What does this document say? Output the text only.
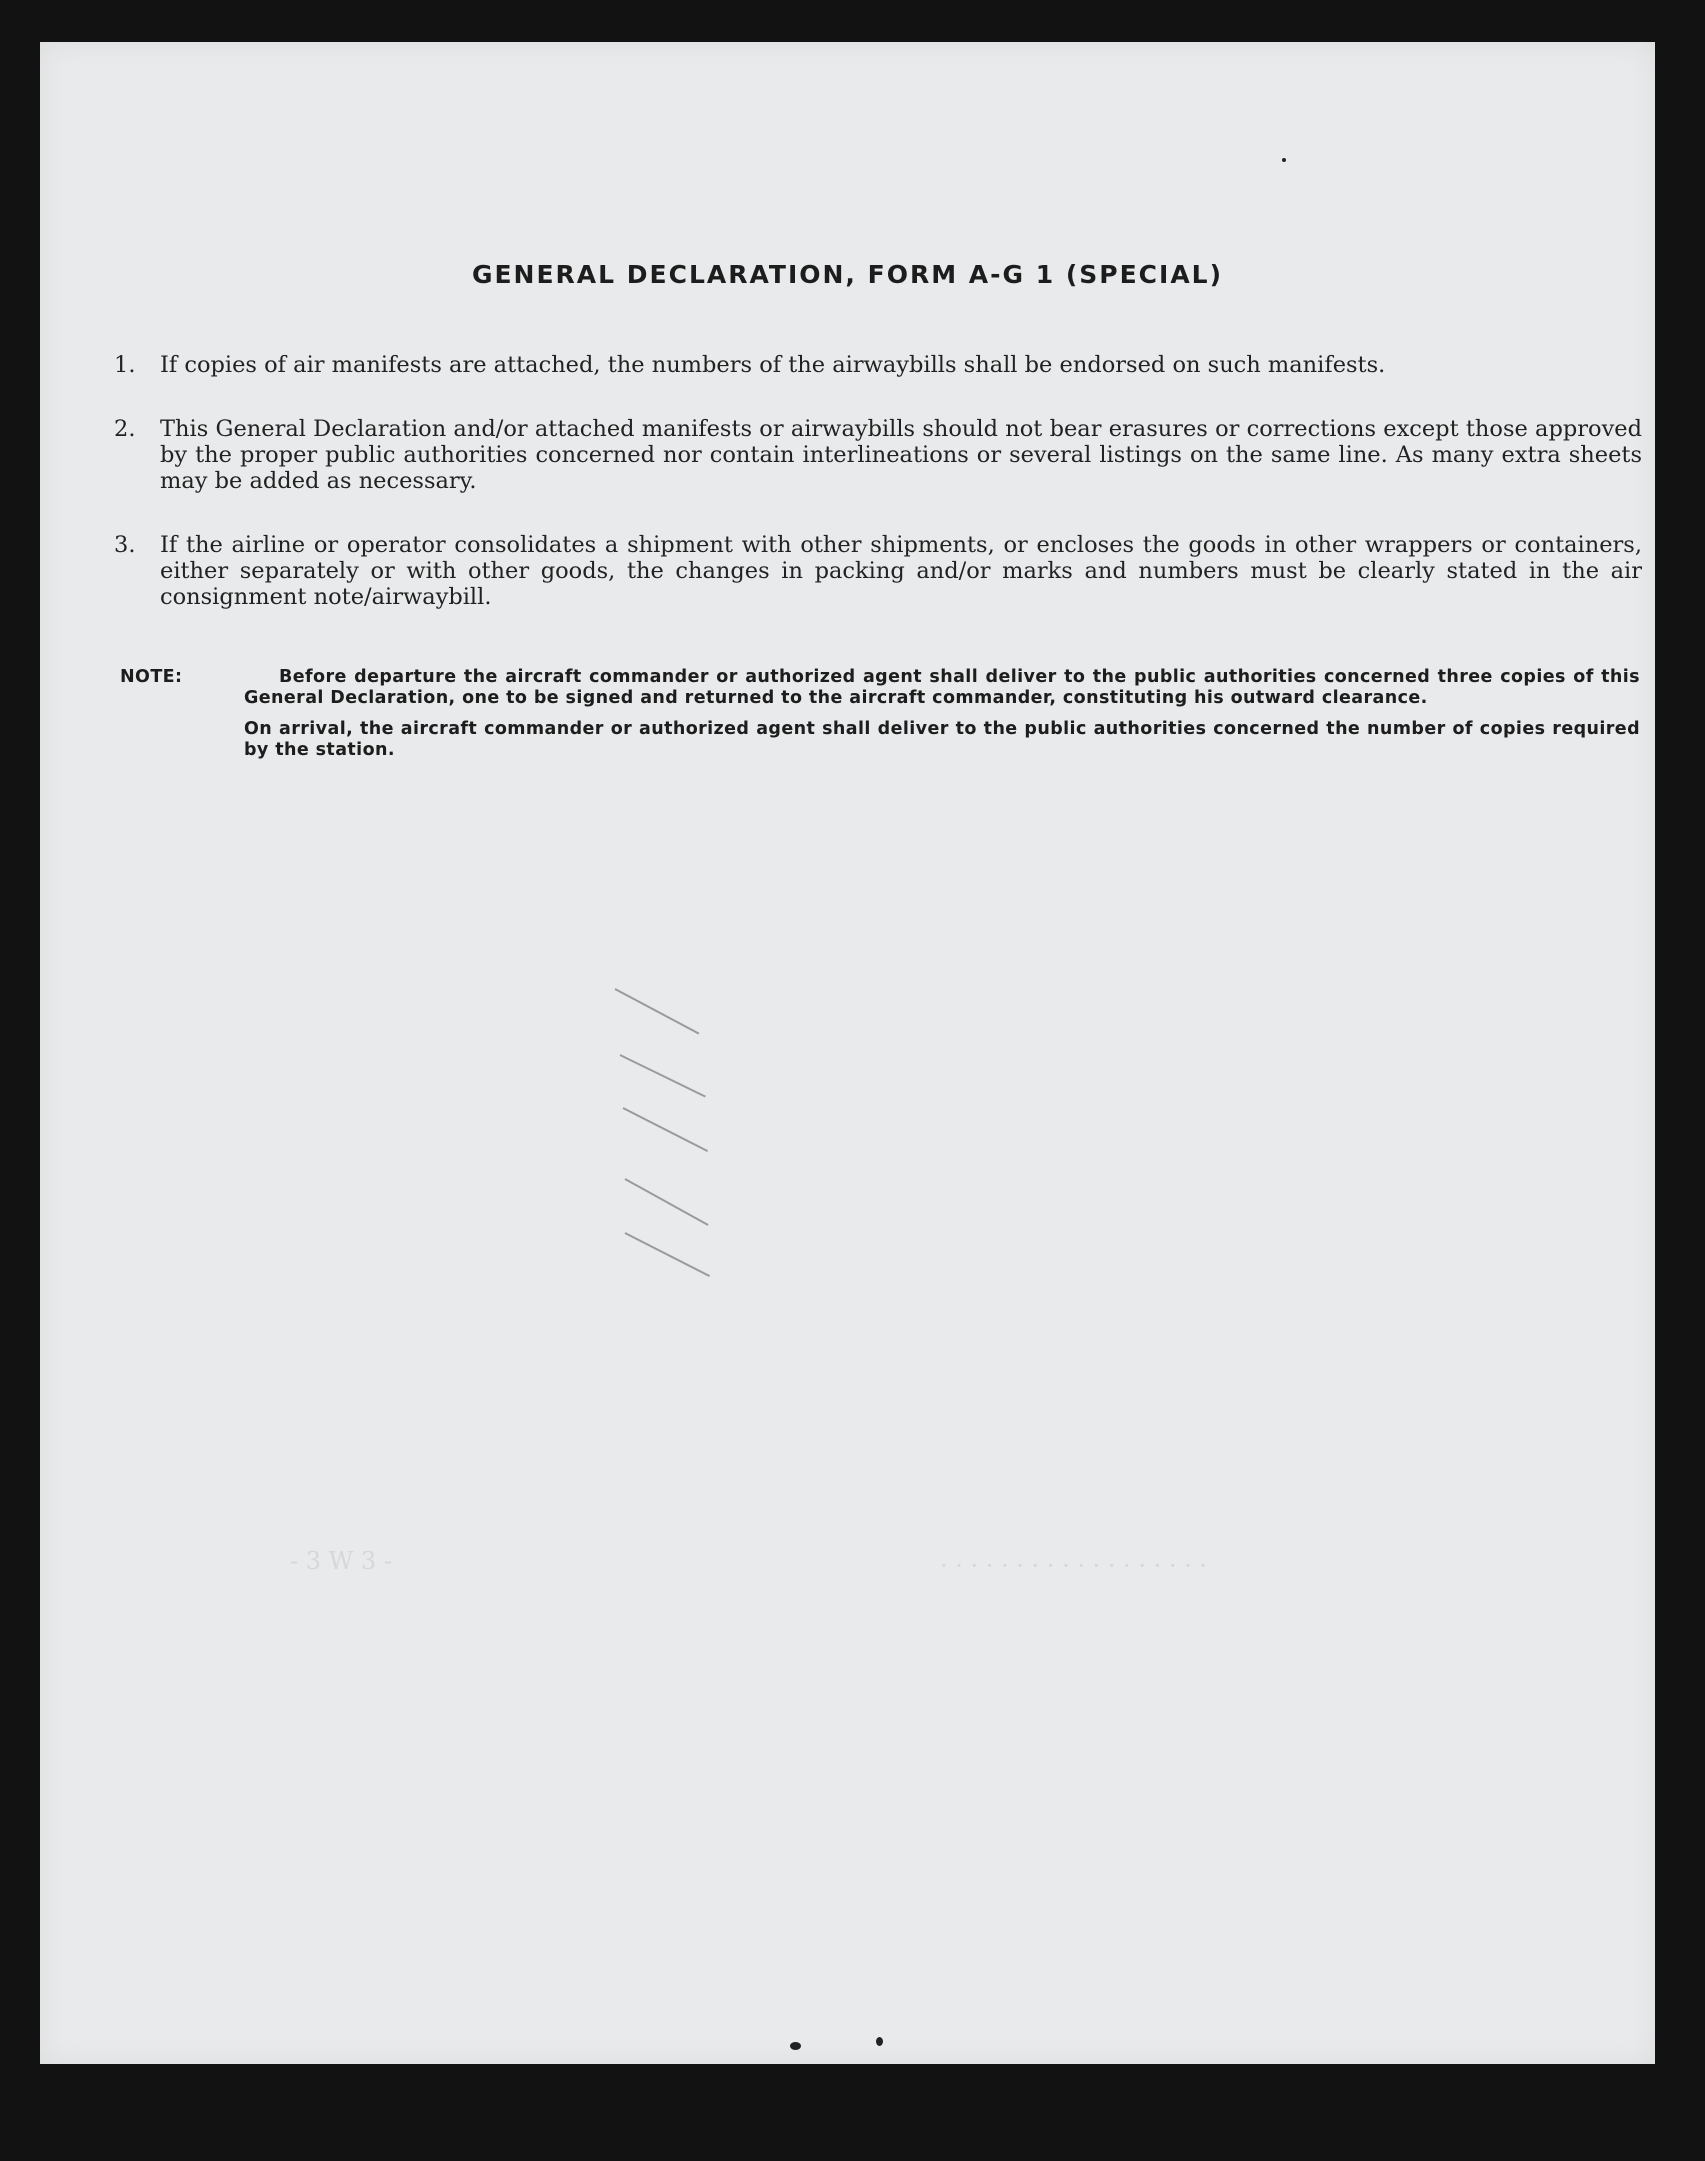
GENERAL DECLARATION, FORM A-G 1 (SPECIAL)
1. If copies of air manifests are attached, the numbers of the airwaybills shall be endorsed on such manifests.
2. This General Declaration and/or attached manifests or airwaybills should not bear erasures or corrections except those approved by the proper public authorities concerned nor contain interlineations or several listings on the same line. As many extra sheets may be added as necessary.
3. If the airline or operator consolidates a shipment with other shipments, or encloses the goods in other wrappers or containers, either separately or with other goods, the changes in packing and/or marks and numbers must be clearly stated in the air consignment note/airwaybill.
NOTE:	Before departure the aircraft commander or authorized agent shall deliver to the public authorities concerned three copies of this General Declaration, one to be signed and returned to the aircraft commander, constituting his outward clearance.
On arrival, the aircraft commander or authorized agent shall deliver to the public authorities concerned the number of copies required by the station.
- 3 W 3 -	· · · · · · · · · · · · · · · · · ·
